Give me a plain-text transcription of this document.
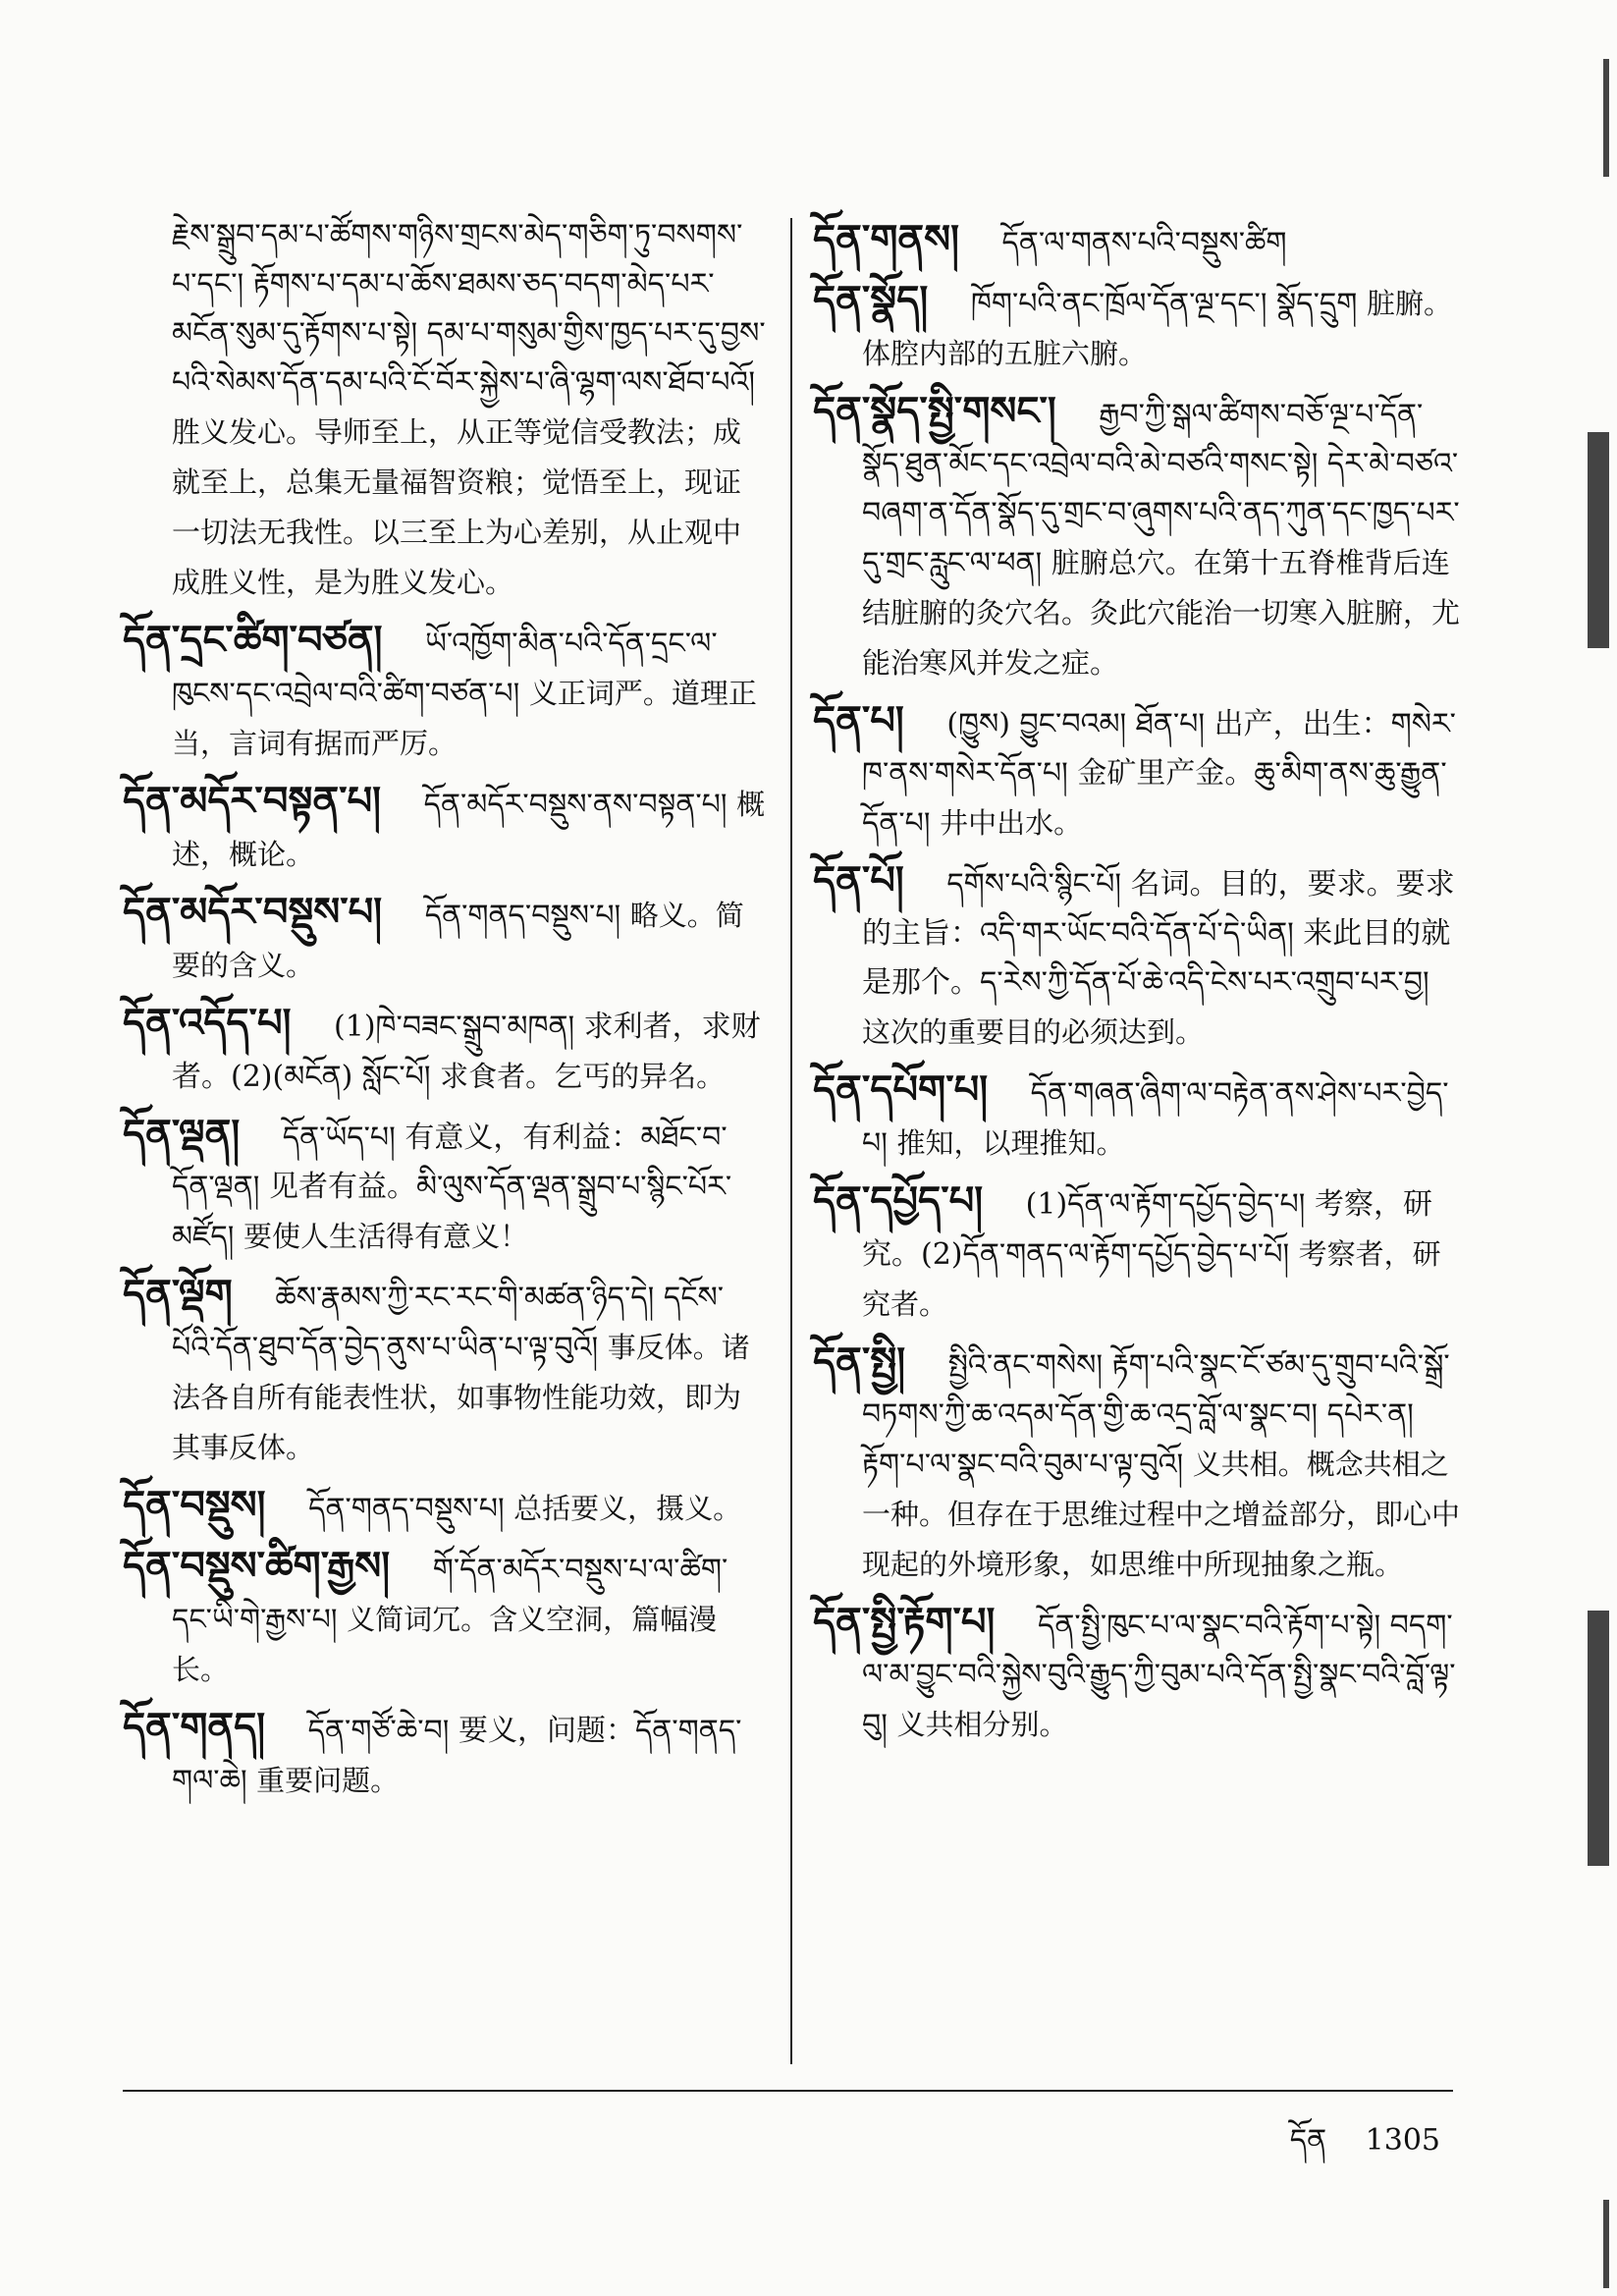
རྗེས་སྒྲུབ་དམ་པ་ཚོགས་གཉིས་གྲངས་མེད་གཅིག་ཏུ་བསགས་པ་དང་། རྟོགས་པ་དམ་པ་ཆོས་ཐམས་ཅད་བདག་མེད་པར་མངོན་སུམ་དུ་རྟོགས་པ་སྟེ། དམ་པ་གསུམ་གྱིས་ཁྱད་པར་དུ་བྱས་པའི་སེམས་དོན་དམ་པའི་ངོ་བོར་སྐྱེས་པ་ཞི་ལྷག་ལས་ཐོབ་པའོ། 胜义发心。导师至上，从正等觉信受教法；成就至上，总集无量福智资粮；觉悟至上，现证一切法无我性。以三至上为心差别，从止观中成胜义性，是为胜义发心。
དོན་དྲང་ཚིག་བཙན། ཡོ་འཁྱོག་མིན་པའི་དོན་དྲང་ལ་ཁུངས་དང་འབྲེལ་བའི་ཚིག་བཙན་པ། 义正词严。道理正当，言词有据而严厉。
དོན་མདོར་བསྟན་པ། དོན་མདོར་བསྡུས་ནས་བསྟན་པ། 概述，概论。
དོན་མདོར་བསྡུས་པ། དོན་གནད་བསྡུས་པ། 略义。简要的含义。
དོན་འདོད་པ། (1)ཁེ་བཟང་སྒྲུབ་མཁན། 求利者，求财者。(2)(མངོན) སློང་པོ། 求食者。乞丐的异名。
དོན་ལྡན། དོན་ཡོད་པ། 有意义，有利益：མཐོང་བ་དོན་ལྡན། 见者有益。མི་ལུས་དོན་ལྡན་སྒྲུབ་པ་སྙིང་པོར་མཛོད། 要使人生活得有意义！
དོན་ལྡོག ཆོས་རྣམས་ཀྱི་རང་རང་གི་མཚན་ཉིད་དེ། དངོས་པོའི་དོན་ཐུབ་དོན་བྱེད་ནུས་པ་ཡིན་པ་ལྟ་བུའོ། 事反体。诸法各自所有能表性状，如事物性能功效，即为其事反体。
དོན་བསྡུས། དོན་གནད་བསྡུས་པ། 总括要义，摄义。
དོན་བསྡུས་ཚིག་རྒྱས། གོ་དོན་མདོར་བསྡུས་པ་ལ་ཚིག་དང་ཡི་གེ་རྒྱས་པ། 义简词冗。含义空洞，篇幅漫长。
དོན་གནད། དོན་གཙོ་ཆེ་བ། 要义，问题：དོན་གནད་གལ་ཆེ། 重要问题。
དོན་གནས། དོན་ལ་གནས་པའི་བསྡུས་ཚིག
དོན་སྣོད། ཁོག་པའི་ནང་ཁྲོལ་དོན་ལྔ་དང་། སྣོད་དྲུག 脏腑。体腔内部的五脏六腑。
དོན་སྣོད་སྤྱི་གསང་། རྒྱབ་ཀྱི་སྒལ་ཚིགས་བཅོ་ལྔ་པ་དོན་སྣོད་ཐུན་མོང་དང་འབྲེལ་བའི་མེ་བཙའི་གསང་སྟེ། དེར་མེ་བཙའ་བཞག་ན་དོན་སྣོད་དུ་གྲང་བ་ཞུགས་པའི་ནད་ཀུན་དང་ཁྱད་པར་དུ་གྲང་རླུང་ལ་ཕན། 脏腑总穴。在第十五脊椎背后连结脏腑的灸穴名。灸此穴能治一切寒入脏腑，尤能治寒风并发之症。
དོན་པ། (ཁྱུས) བྱུང་བའམ། ཐོན་པ། 出产，出生：གསེར་ཁ་ནས་གསེར་དོན་པ། 金矿里产金。ཆུ་མིག་ནས་ཆུ་རྒྱུན་དོན་པ། 井中出水。
དོན་པོ། དགོས་པའི་སྙིང་པོ། 名词。目的，要求。要求的主旨：འདི་གར་ཡོང་བའི་དོན་པོ་དེ་ཡིན། 来此目的就是那个。ད་རེས་ཀྱི་དོན་པོ་ཆེ་འདི་ངེས་པར་འགྲུབ་པར་བྱ། 这次的重要目的必须达到。
དོན་དཔོག་པ། དོན་གཞན་ཞིག་ལ་བརྟེན་ནས་ཤེས་པར་བྱེད་པ། 推知，以理推知。
དོན་དཔྱོད་པ། (1)དོན་ལ་རྟོག་དཔྱོད་བྱེད་པ། 考察，研究。(2)དོན་གནད་ལ་རྟོག་དཔྱོད་བྱེད་པ་པོ། 考察者，研究者。
དོན་སྤྱི། སྤྱིའི་ནང་གསེས། རྟོག་པའི་སྣང་ངོ་ཙམ་དུ་གྲུབ་པའི་སྒྲོ་བཏགས་ཀྱི་ཆ་འདམ་དོན་གྱི་ཆ་འདྲ་བློ་ལ་སྣང་བ། དཔེར་ན། རྟོག་པ་ལ་སྣང་བའི་བུམ་པ་ལྟ་བུའོ། 义共相。概念共相之一种。但存在于思维过程中之增益部分，即心中现起的外境形象，如思维中所现抽象之瓶。
དོན་སྤྱི་རྟོག་པ། དོན་སྤྱི་ཁུང་པ་ལ་སྣང་བའི་རྟོག་པ་སྟེ། བདག་ལ་མ་བྱུང་བའི་སྐྱེས་བུའི་རྒྱུད་ཀྱི་བུམ་པའི་དོན་སྤྱི་སྣང་བའི་བློ་ལྟ་བུ། 义共相分别。
དོན 1305
